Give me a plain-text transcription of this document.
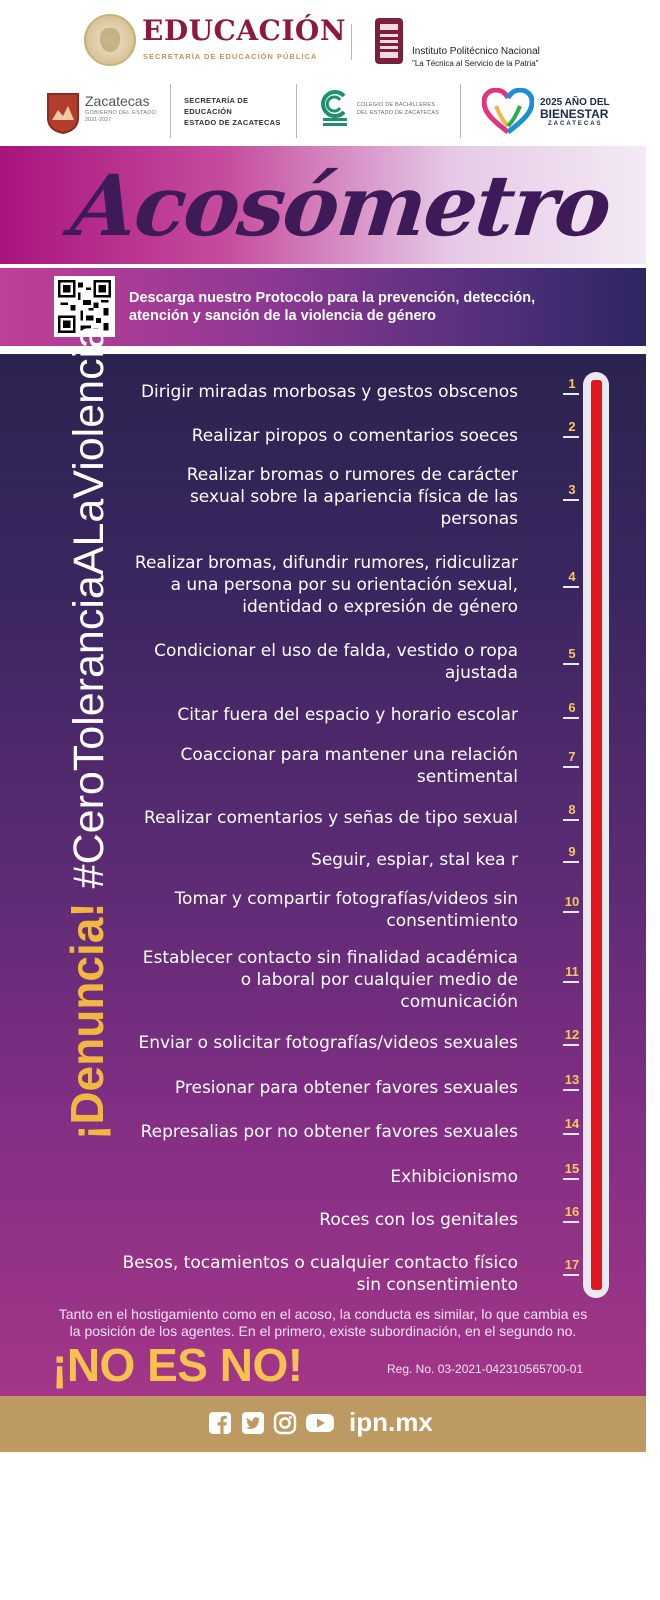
EDUCACIÓN
SECRETARÍA DE EDUCACIÓN PÚBLICA	Instituto Politécnico Nacional
"La Técnica al Servicio de la Patria"
Zacatecas
GOBIERNO DEL ESTADO
2021-2027
SECRETARÍA DE
EDUCACIÓN
ESTADO DE ZACATECAS
COLEGIO DE BACHILLERES
DEL ESTADO DE ZACATECAS
2025 AÑO DEL
BIENESTAR
ZACATECAS
Acosómetro
Descarga nuestro Protocolo para la prevención, detección,
atención y sanción de la violencia de género
¡Denuncia!#CeroToleranciaALaViolencia	Dirigir miradas morbosas y gestos obscenos	1
Realizar piropos o comentarios soeces	2
Realizar bromas o rumores de carácter
sexual sobre la apariencia física de las
personas
3
Realizar bromas, difundir rumores, ridiculizar
a una persona por su orientación sexual,
identidad o expresión de género
4
Condicionar el uso de falda, vestido o ropa
ajustada
5
Citar fuera del espacio y horario escolar	6
Coaccionar para mantener una relación
sentimental
7
Realizar comentarios y señas de tipo sexual	8
Seguir, espiar, stal kea r	9
Tomar y compartir fotografías/videos sin
consentimiento
10
Establecer contacto sin finalidad académica
o laboral por cualquier medio de
comunicación
11
Enviar o solicitar fotografías/videos sexuales	12
Presionar para obtener favores sexuales	13
Represalias por no obtener favores sexuales	14
Exhibicionismo	15
Roces con los genitales	16
Besos, tocamientos o cualquier contacto físico
sin consentimiento
17
Tanto en el hostigamiento como en el acoso, la conducta es similar, lo que cambia es
la posición de los agentes. En el primero, existe subordinación, en el segundo no.
¡NO ES NO!	Reg. No. 03-2021-042310565700-01
ipn.mx
